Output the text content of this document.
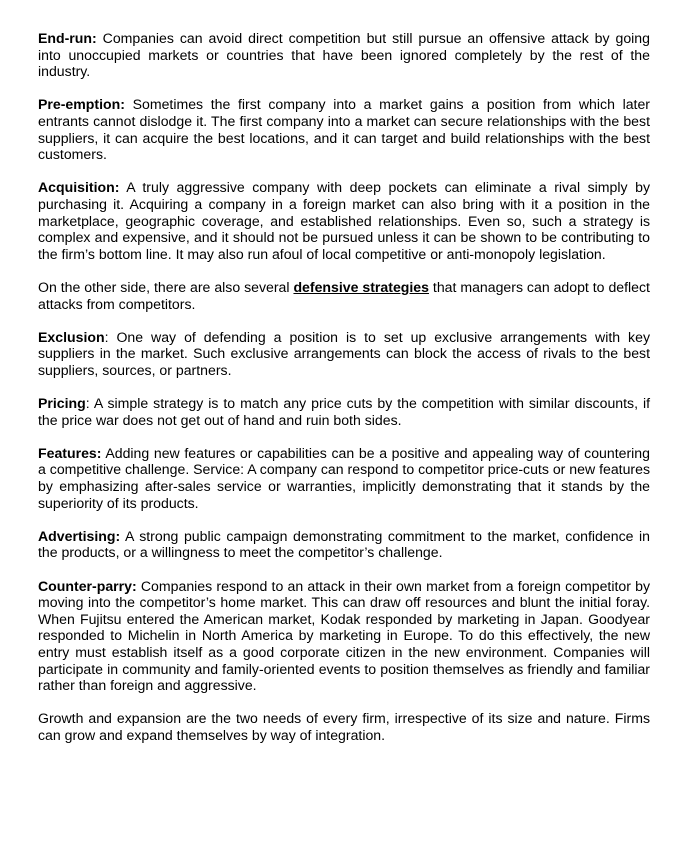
End-run: Companies can avoid direct competition but still pursue an offensive attack by going into unoccupied markets or countries that have been ignored completely by the rest of the industry.

Pre-emption: Sometimes the first company into a market gains a position from which later entrants cannot dislodge it. The first company into a market can secure relationships with the best suppliers, it can acquire the best locations, and it can target and build relationships with the best customers.

Acquisition: A truly aggressive company with deep pockets can eliminate a rival simply by purchasing it. Acquiring a company in a foreign market can also bring with it a position in the marketplace, geographic coverage, and established relationships. Even so, such a strategy is complex and expensive, and it should not be pursued unless it can be shown to be contributing to the firm’s bottom line. It may also run afoul of local competitive or anti-monopoly legislation.

On the other side, there are also several defensive strategies that managers can adopt to deflect attacks from competitors.

Exclusion: One way of defending a position is to set up exclusive arrangements with key suppliers in the market. Such exclusive arrangements can block the access of rivals to the best suppliers, sources, or partners.

Pricing: A simple strategy is to match any price cuts by the competition with similar discounts, if the price war does not get out of hand and ruin both sides.

Features: Adding new features or capabilities can be a positive and appealing way of countering a competitive challenge. Service: A company can respond to competitor price-cuts or new features by emphasizing after-sales service or warranties, implicitly demonstrating that it stands by the superiority of its products.

Advertising: A strong public campaign demonstrating commitment to the market, confidence in the products, or a willingness to meet the competitor’s challenge.

Counter-parry: Companies respond to an attack in their own market from a foreign competitor by moving into the competitor’s home market. This can draw off resources and blunt the initial foray. When Fujitsu entered the American market, Kodak responded by marketing in Japan. Goodyear responded to Michelin in North America by marketing in Europe. To do this effectively, the new entry must establish itself as a good corporate citizen in the new environment. Companies will participate in community and family-oriented events to position themselves as friendly and familiar rather than foreign and aggressive.

Growth and expansion are the two needs of every firm, irrespective of its size and nature. Firms can grow and expand themselves by way of integration.
